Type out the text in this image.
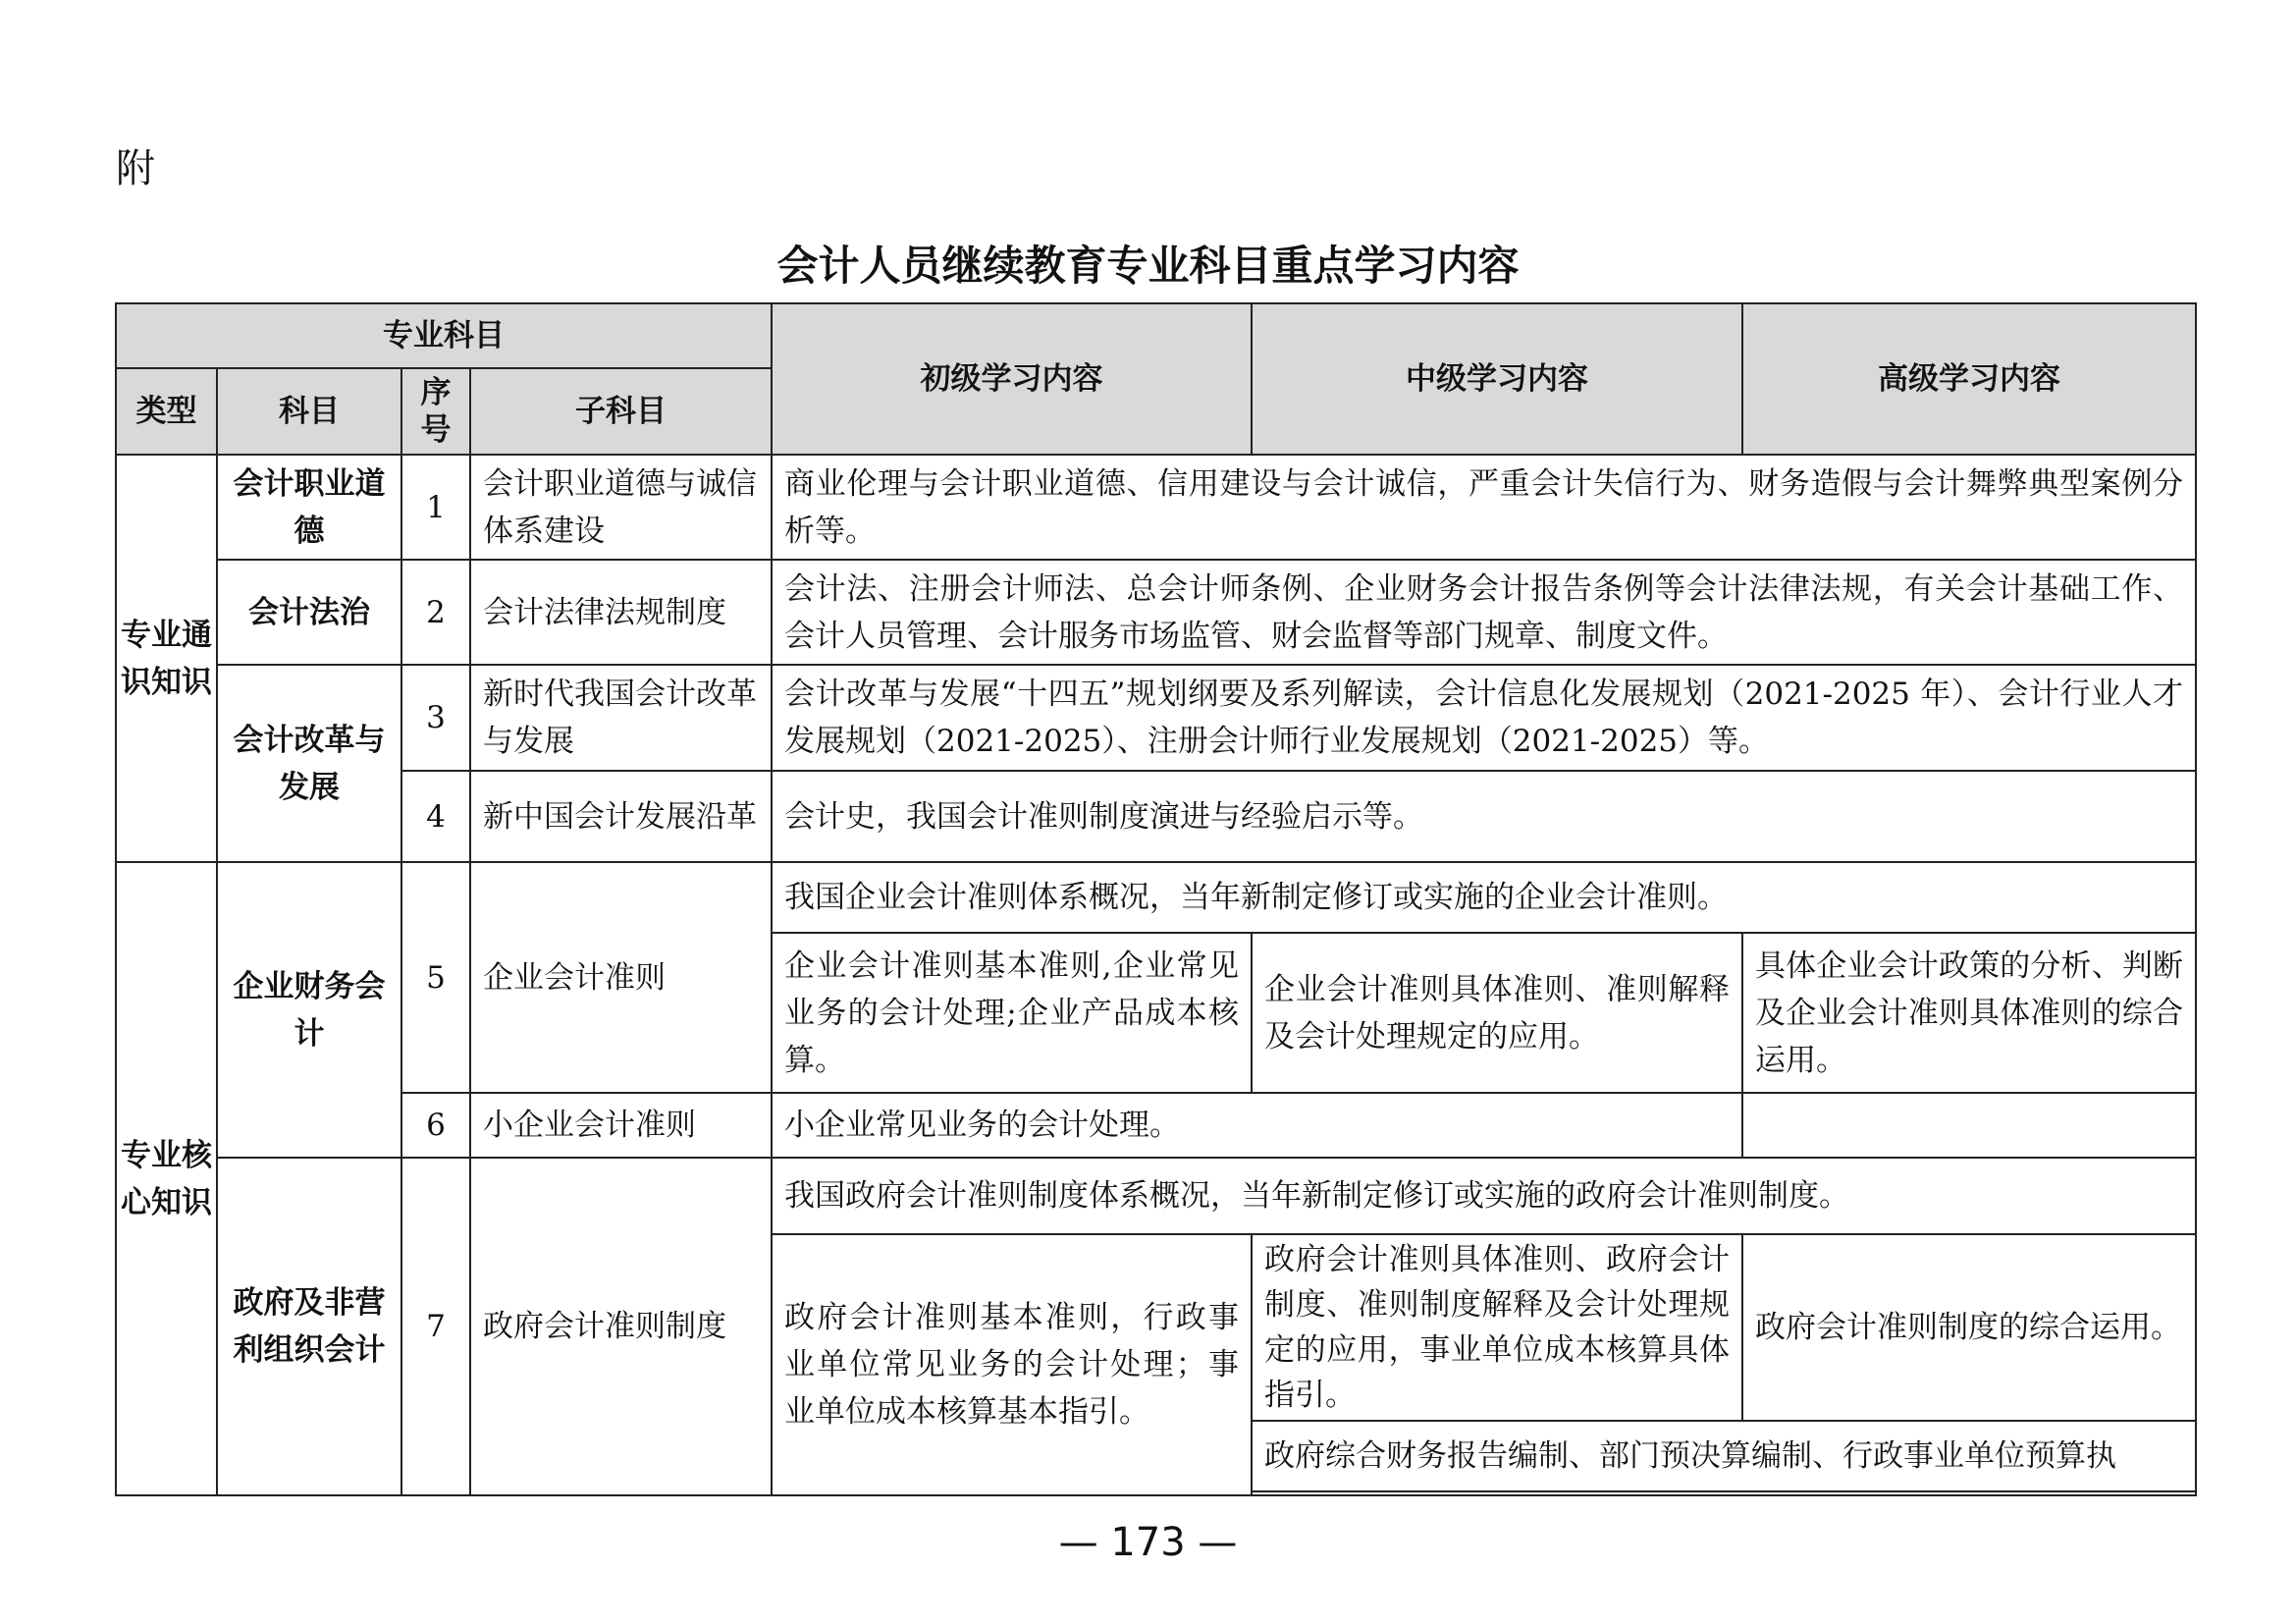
附
会计人员继续教育专业科目重点学习内容
专业科目				初级学习内容	中级学习内容	高级学习内容
类型	科目	序号	子科目			
专业通识知识	会计职业道德	1	会计职业道德与诚信体系建设	商业伦理与会计职业道德、信用建设与会计诚信，严重会计失信行为、财务造假与会计舞弊典型案例分析等。		
	会计法治	2	会计法律法规制度	会计法、注册会计师法、总会计师条例、企业财务会计报告条例等会计法律法规，有关会计基础工作、会计人员管理、会计服务市场监管、财会监督等部门规章、制度文件。		
	会计改革与发展	3	新时代我国会计改革与发展	会计改革与发展“十四五”规划纲要及系列解读，会计信息化发展规划（2021-2025 年）、会计行业人才发展规划（2021-2025）、注册会计师行业发展规划（2021-2025）等。		
		4	新中国会计发展沿革	会计史，我国会计准则制度演进与经验启示等。		
专业核心知识	企业财务会计	5	企业会计准则	我国企业会计准则体系概况，当年新制定修订或实施的企业会计准则。		
				企业会计准则基本准则,企业常见业务的会计处理;企业产品成本核算。	企业会计准则具体准则、准则解释及会计处理规定的应用。	具体企业会计政策的分析、判断及企业会计准则具体准则的综合运用。
		6	小企业会计准则	小企业常见业务的会计处理。		
	政府及非营利组织会计	7	政府会计准则制度	我国政府会计准则制度体系概况，当年新制定修订或实施的政府会计准则制度。		
				政府会计准则基本准则，行政事业单位常见业务的会计处理；事业单位成本核算基本指引。	政府会计准则具体准则、政府会计制度、准则制度解释及会计处理规定的应用，事业单位成本核算具体指引。	政府会计准则制度的综合运用。
					政府综合财务报告编制、部门预决算编制、行政事业单位预算执	

— 173 —
